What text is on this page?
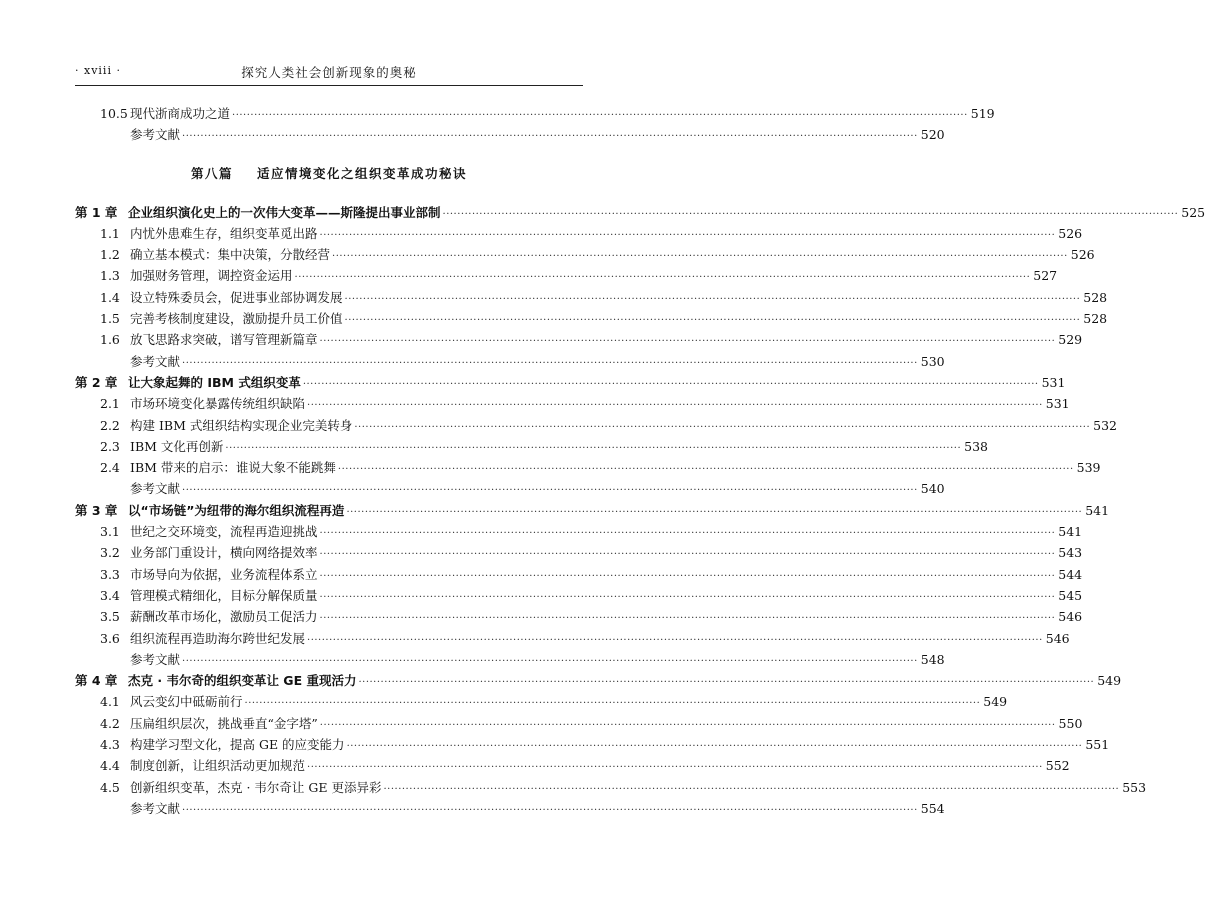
· xviii ·	探究人类社会创新现象的奥秘
10.5 现代浙商成功之道 ········································································································································································································ 519
参考文献 ········································································································································································································ 520
第八篇 适应情境变化之组织变革成功秘诀
第 1 章 企业组织演化史上的一次伟大变革——斯隆提出事业部制 ········································································································································································································ 525
1.1 内忧外患难生存，组织变革觅出路 ········································································································································································································ 526
1.2 确立基本模式：集中决策，分散经营 ········································································································································································································ 526
1.3 加强财务管理，调控资金运用 ········································································································································································································ 527
1.4 设立特殊委员会，促进事业部协调发展 ········································································································································································································ 528
1.5 完善考核制度建设，激励提升员工价值 ········································································································································································································ 528
1.6 放飞思路求突破，谱写管理新篇章 ········································································································································································································ 529
参考文献 ········································································································································································································ 530
第 2 章 让大象起舞的 IBM 式组织变革 ········································································································································································································ 531
2.1 市场环境变化暴露传统组织缺陷 ········································································································································································································ 531
2.2 构建 IBM 式组织结构实现企业完美转身 ········································································································································································································ 532
2.3 IBM 文化再创新 ········································································································································································································ 538
2.4 IBM 带来的启示：谁说大象不能跳舞 ········································································································································································································ 539
参考文献 ········································································································································································································ 540
第 3 章 以“市场链”为纽带的海尔组织流程再造 ········································································································································································································ 541
3.1 世纪之交环境变，流程再造迎挑战 ········································································································································································································ 541
3.2 业务部门重设计，横向网络提效率 ········································································································································································································ 543
3.3 市场导向为依据，业务流程体系立 ········································································································································································································ 544
3.4 管理模式精细化，目标分解保质量 ········································································································································································································ 545
3.5 薪酬改革市场化，激励员工促活力 ········································································································································································································ 546
3.6 组织流程再造助海尔跨世纪发展 ········································································································································································································ 546
参考文献 ········································································································································································································ 548
第 4 章 杰克 · 韦尔奇的组织变革让 GE 重现活力 ········································································································································································································ 549
4.1 风云变幻中砥砺前行 ········································································································································································································ 549
4.2 压扁组织层次，挑战垂直“金字塔” ········································································································································································································ 550
4.3 构建学习型文化，提高 GE 的应变能力 ········································································································································································································ 551
4.4 制度创新，让组织活动更加规范 ········································································································································································································ 552
4.5 创新组织变革，杰克 · 韦尔奇让 GE 更添异彩 ········································································································································································································ 553
参考文献 ········································································································································································································ 554
